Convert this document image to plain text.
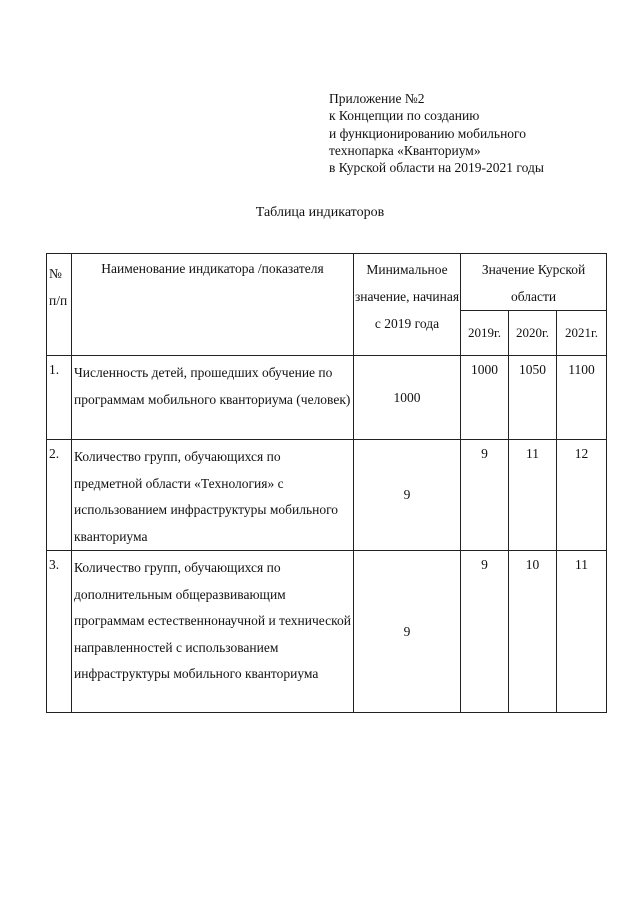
Приложение №2
к Концепции по созданию
и функционированию мобильного
технопарка «Кванториум»
в Курской области на 2019-2021 годы
Таблица индикаторов
№ п/п	Наименование индикатора /показателя	Минимальное значение, начиная с 2019 года	Значение Курской области		
			2019г.	2020г.	2021г.
1.	Численность детей, прошедших обучение по программам мобильного кванториума (человек)	1000	1000	1050	1100
2.	Количество групп, обучающихся по предметной области «Технология» с использованием инфраструктуры мобильного кванториума	9	9	11	12
3.	Количество групп, обучающихся по дополнительным общеразвивающим программам естественнонаучной и технической направленностей с использованием инфраструктуры мобильного кванториума	9	9	10	11
